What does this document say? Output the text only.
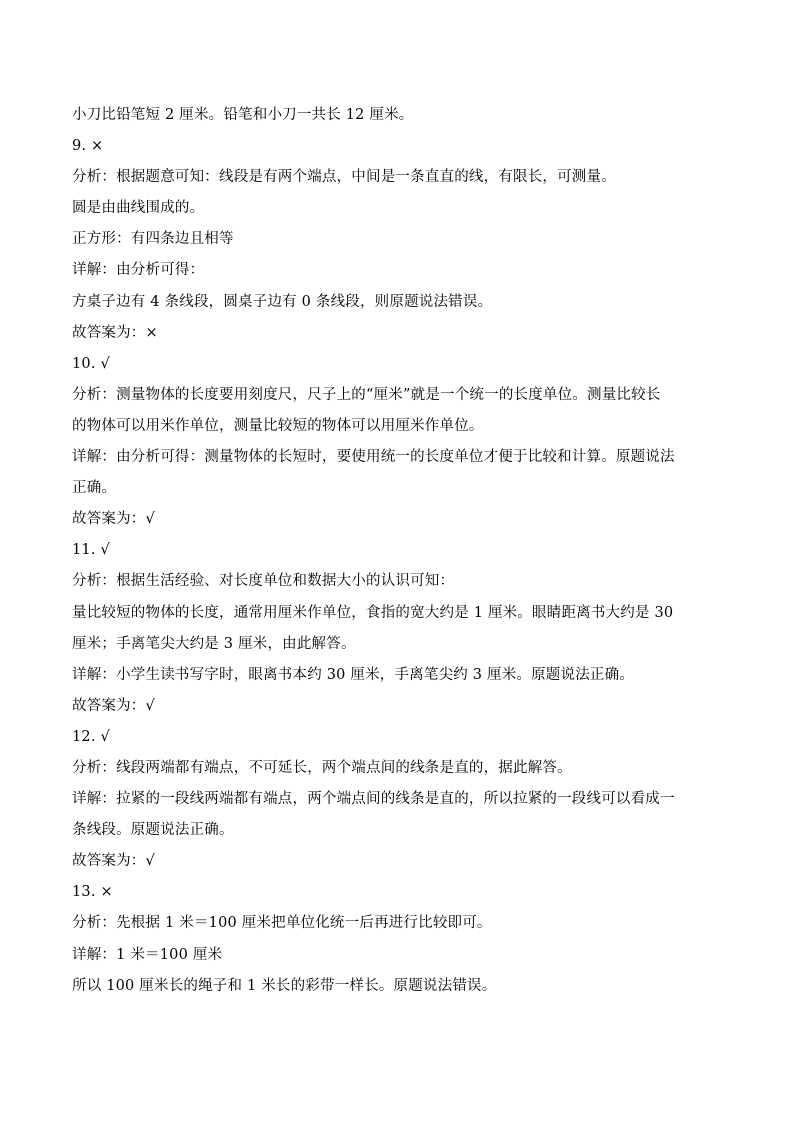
小刀比铅笔短 2 厘米。铅笔和小刀一共长 12 厘米。
9. ×
分析：根据题意可知：线段是有两个端点，中间是一条直直的线，有限长，可测量。
圆是由曲线围成的。
正方形：有四条边且相等
详解：由分析可得：
方桌子边有 4 条线段，圆桌子边有 0 条线段，则原题说法错误。
故答案为：×
10. √
分析：测量物体的长度要用刻度尺，尺子上的“厘米”就是一个统一的长度单位。测量比较长
的物体可以用米作单位，测量比较短的物体可以用厘米作单位。
详解：由分析可得：测量物体的长短时，要使用统一的长度单位才便于比较和计算。原题说法
正确。
故答案为：√
11. √
分析：根据生活经验、对长度单位和数据大小的认识可知：
量比较短的物体的长度，通常用厘米作单位，食指的宽大约是 1 厘米。眼睛距离书大约是 30
厘米；手离笔尖大约是 3 厘米，由此解答。
详解：小学生读书写字时，眼离书本约 30 厘米，手离笔尖约 3 厘米。原题说法正确。
故答案为：√
12. √
分析：线段两端都有端点，不可延长，两个端点间的线条是直的，据此解答。
详解：拉紧的一段线两端都有端点，两个端点间的线条是直的，所以拉紧的一段线可以看成一
条线段。原题说法正确。
故答案为：√
13. ×
分析：先根据 1 米＝100 厘米把单位化统一后再进行比较即可。
详解：1 米＝100 厘米
所以 100 厘米长的绳子和 1 米长的彩带一样长。原题说法错误。
